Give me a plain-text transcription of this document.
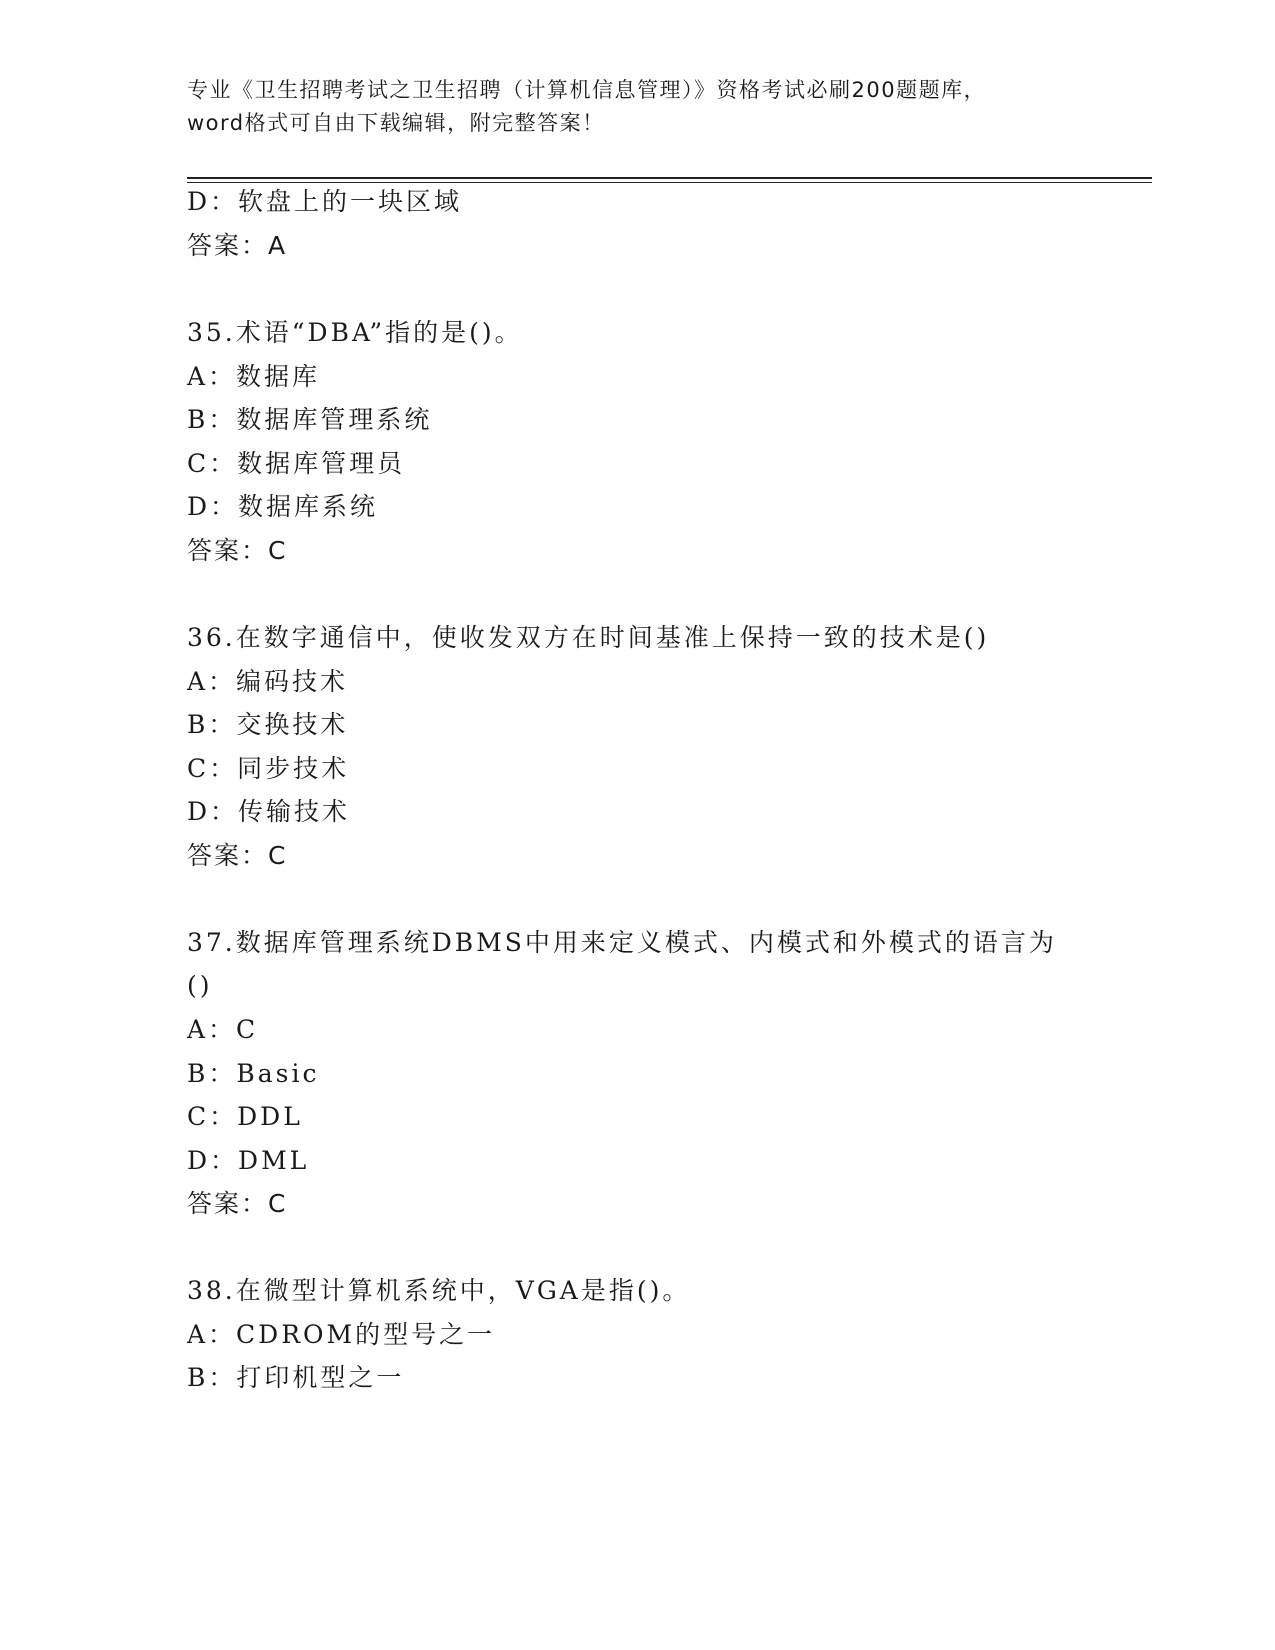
专业《卫生招聘考试之卫生招聘（计算机信息管理）》资格考试必刷200题题库，
word格式可自由下载编辑，附完整答案！
D：软盘上的一块区域
答案：A
35.术语“DBA”指的是()。
A：数据库
B：数据库管理系统
C：数据库管理员
D：数据库系统
答案：C
36.在数字通信中，使收发双方在时间基准上保持一致的技术是()
A：编码技术
B：交换技术
C：同步技术
D：传输技术
答案：C
37.数据库管理系统DBMS中用来定义模式、内模式和外模式的语言为
()
A：C
B：Basic
C：DDL
D：DML
答案：C
38.在微型计算机系统中，VGA是指()。
A：CDROM的型号之一
B：打印机型之一
